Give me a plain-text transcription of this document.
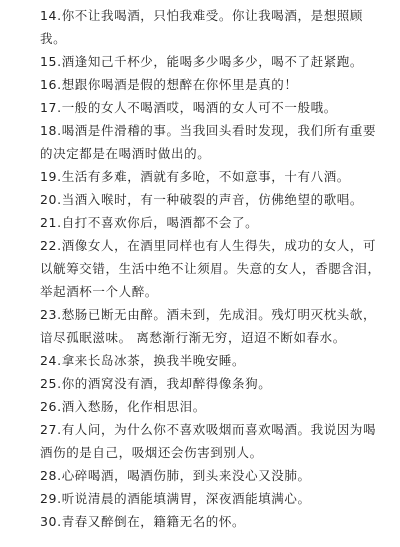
14.你不让我喝酒，只怕我难受。你让我喝酒，是想照顾我。
15.酒逢知己千杯少，能喝多少喝多少，喝不了赶紧跑。
16.想跟你喝酒是假的想醉在你怀里是真的！
17.一般的女人不喝酒哎，喝酒的女人可不一般哦。
18.喝酒是件滑稽的事。当我回头看时发现，我们所有重要的决定都是在喝酒时做出的。
19.生活有多难，酒就有多呛，不如意事，十有八酒。
20.当酒入喉时，有一种破裂的声音，仿佛绝望的歌唱。
21.自打不喜欢你后，喝酒都不会了。
22.酒像女人，在酒里同样也有人生得失，成功的女人，可以觥筹交错，生活中绝不让须眉。失意的女人，香腮含泪，举起酒杯一个人醉。
23.愁肠已断无由醉。酒未到，先成泪。残灯明灭枕头欹，谙尽孤眠滋味。 离愁渐行渐无穷，迢迢不断如春水。
24.拿来长岛冰茶，换我半晚安睡。
25.你的酒窝没有酒，我却醉得像条狗。
26.酒入愁肠，化作相思泪。
27.有人问，为什么你不喜欢吸烟而喜欢喝酒。我说因为喝酒伤的是自己，吸烟还会伤害到别人。
28.心碎喝酒，喝酒伤肺，到头来没心又没肺。
29.听说清晨的酒能填满胃，深夜酒能填满心。
30.青春又醉倒在，籍籍无名的怀。
